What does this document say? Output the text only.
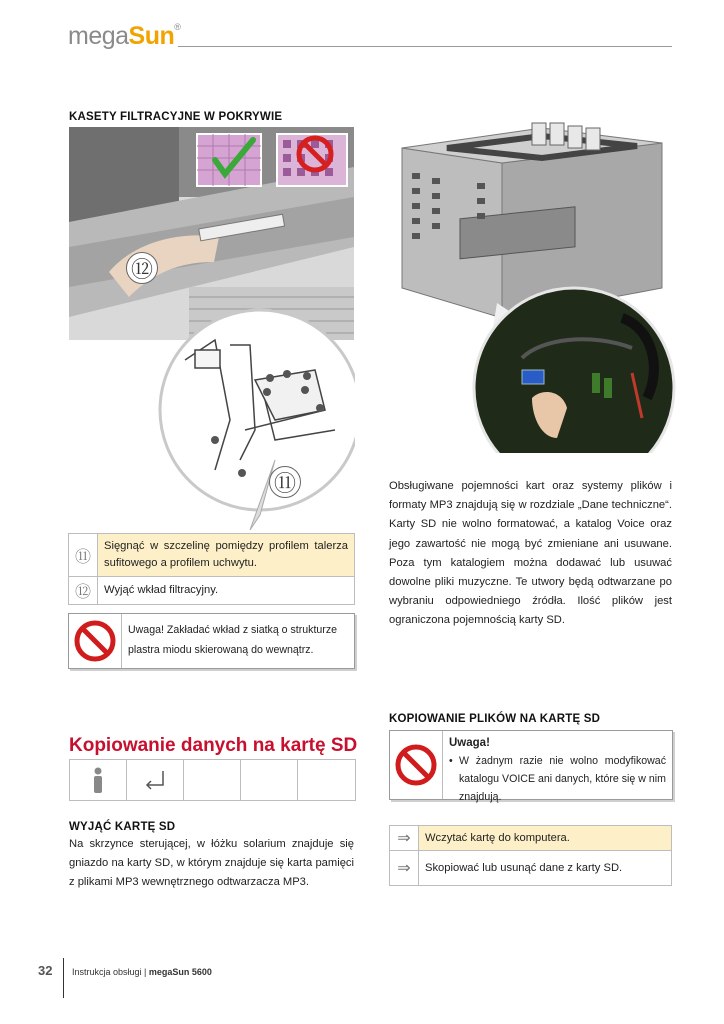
megaSun®
KASETY FILTRACYJNE W POKRYWIE
⑫
⑪
⑪	Sięgnąć w szczelinę pomiędzy profilem talerza sufitowego a profilem uchwytu.
⑫	Wyjąć wkład filtracyjny.
Uwaga! Zakładać wkład z siatką o strukturze plastra miodu skierowaną do wewnątrz.
Obsługiwane pojemności kart oraz systemy plików i formaty MP3 znajdują się w rozdziale „Dane techniczne“. Karty SD nie wolno formatować, a katalog Voice oraz jego zawartość nie mogą być zmieniane ani usuwane. Poza tym katalogiem można dodawać lub usuwać dowolne pliki muzyczne. Te utwory będą odtwarzane po wybraniu odpowiedniego źródła. Ilość plików jest ograniczona pojemnością karty SD.
Kopiowanie danych na kartę SD
WYJĄĆ KARTĘ SD
Na skrzynce sterującej, w łóżku solarium znajduje się gniazdo na karty SD, w którym znajduje się karta pamięci z plikami MP3 wewnętrznego odtwarzacza MP3.
KOPIOWANIE PLIKÓW NA KARTĘ SD
Uwaga!
• W żadnym razie nie wolno modyfikować katalogu VOICE ani danych, które się w nim znajdują.
⇒	Wczytać kartę do komputera.
⇒	Skopiować lub usunąć dane z karty SD.
32 Instrukcja obsługi | megaSun 5600
